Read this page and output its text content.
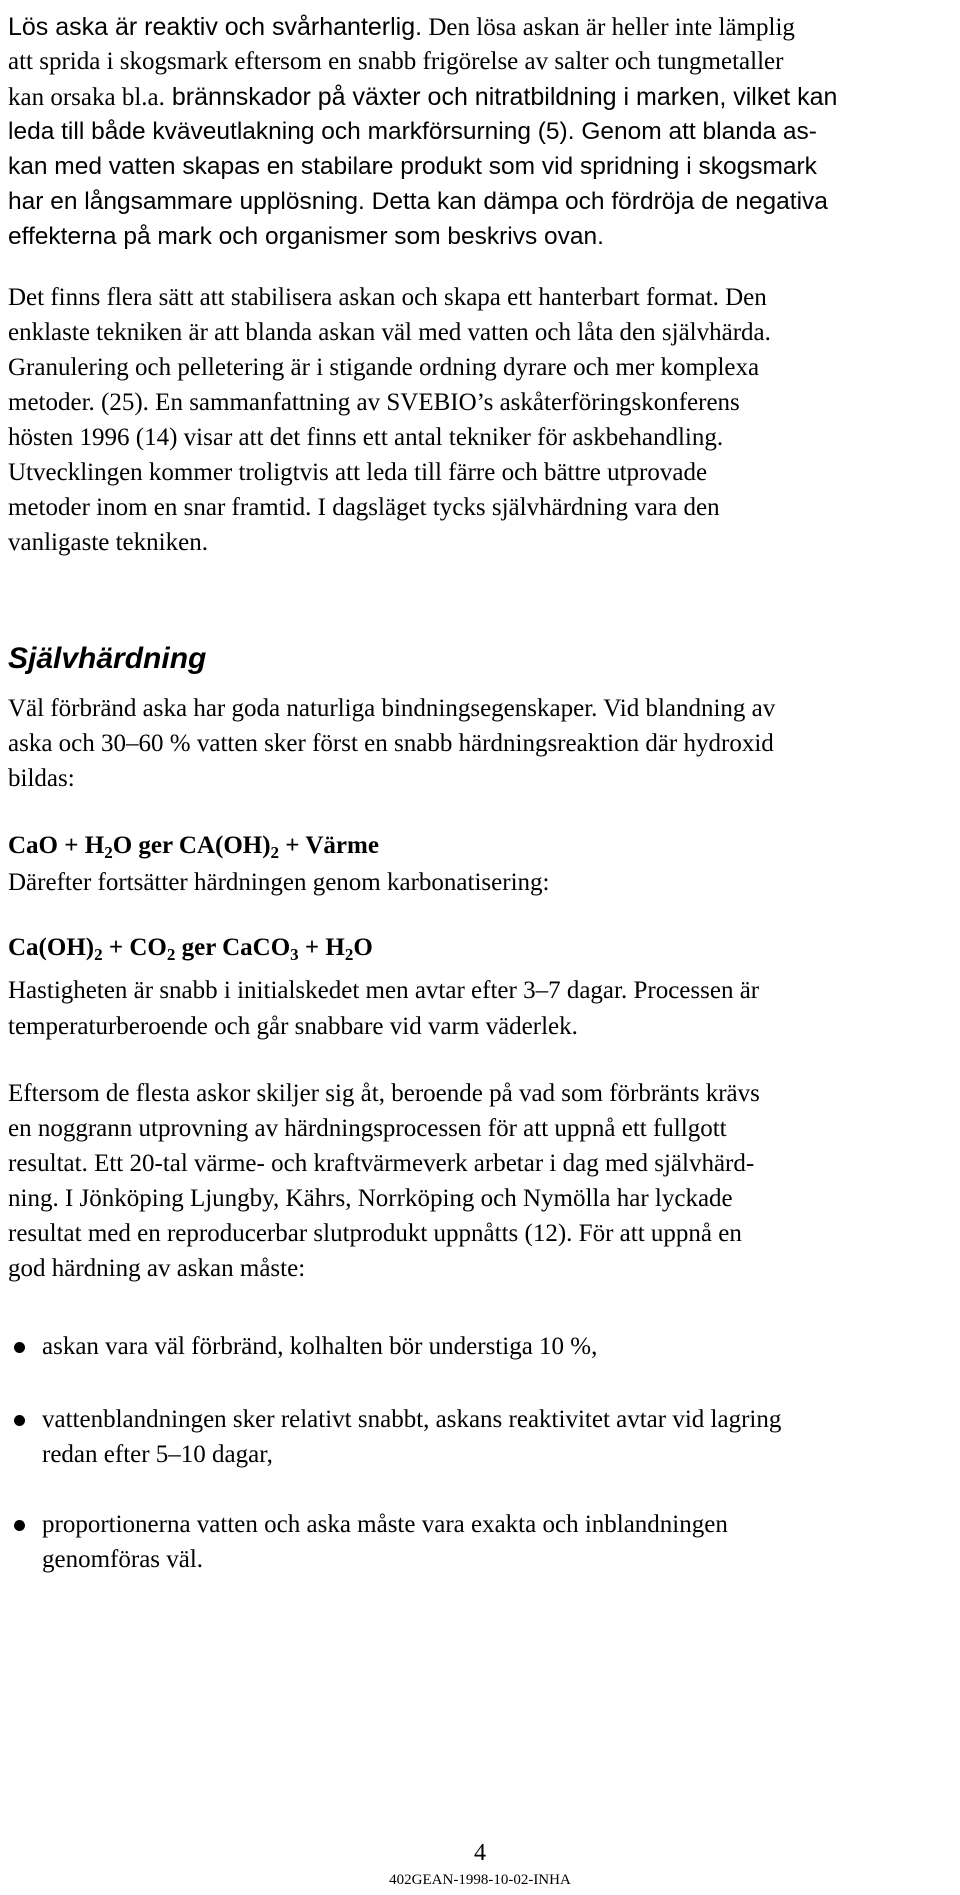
Lös aska är reaktiv och svårhanterlig. Den lösa askan är heller inte lämplig
att sprida i skogsmark eftersom en snabb frigörelse av salter och tungmetaller
kan orsaka bl.a. brännskador på växter och nitratbildning i marken, vilket kan
leda till både kväveutlakning och markförsurning (5). Genom att blanda as-
kan med vatten skapas en stabilare produkt som vid spridning i skogsmark
har en långsammare upplösning. Detta kan dämpa och fördröja de negativa
effekterna på mark och organismer som beskrivs ovan.
Det finns flera sätt att stabilisera askan och skapa ett hanterbart format. Den
enklaste tekniken är att blanda askan väl med vatten och låta den självhärda.
Granulering och pelletering är i stigande ordning dyrare och mer komplexa
metoder. (25). En sammanfattning av SVEBIO’s askåterföringskonferens
hösten 1996 (14) visar att det finns ett antal tekniker för askbehandling.
Utvecklingen kommer troligtvis att leda till färre och bättre utprovade
metoder inom en snar framtid. I dagsläget tycks självhärdning vara den
vanligaste tekniken.
Självhärdning
Väl förbränd aska har goda naturliga bindningsegenskaper. Vid blandning av
aska och 30–60 % vatten sker först en snabb härdningsreaktion där hydroxid
bildas:
CaO + $H_2O$ ger $CA(OH)_2$ + Värme
Därefter fortsätter härdningen genom karbonatisering:
$Ca(OH)_2 + CO_2$ ger CaCO$_3$ + $H_2O$
Hastigheten är snabb i initialskedet men avtar efter 3–7 dagar. Processen är
temperaturberoende och går snabbare vid varm väderlek.
Eftersom de flesta askor skiljer sig åt, beroende på vad som förbränts krävs
en noggrann utprovning av härdningsprocessen för att uppnå ett fullgott
resultat. Ett 20-tal värme- och kraftvärmeverk arbetar i dag med självhärd-
ning. I Jönköping Ljungby, Kährs, Norrköping och Nymölla har lyckade
resultat med en reproducerbar slutprodukt uppnåtts (12). För att uppnå en
god härdning av askan måste:
askan vara väl förbränd, kolhalten bör understiga 10 %,
vattenblandningen sker relativt snabbt, askans reaktivitet avtar vid lagring
redan efter 5–10 dagar,
proportionerna vatten och aska måste vara exakta och inblandningen
genomföras väl.
4
402GEAN-1998-10-02-INHA
